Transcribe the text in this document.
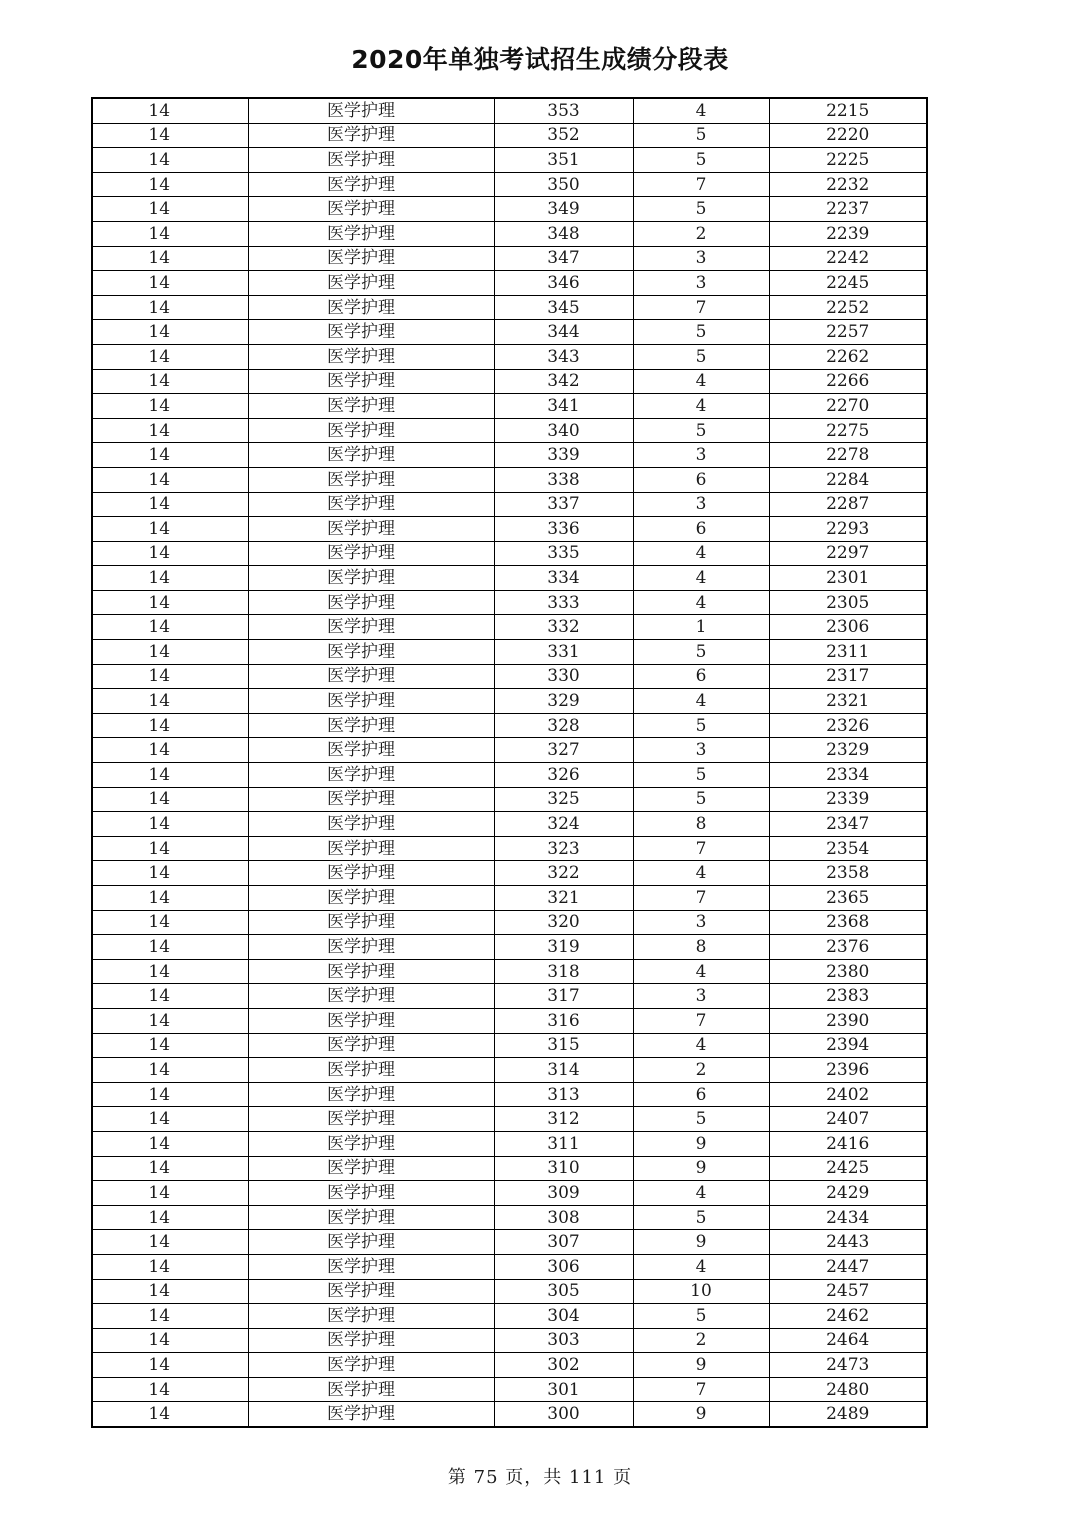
2020年单独考试招生成绩分段表
14	医学护理	353	4	2215
14	医学护理	352	5	2220
14	医学护理	351	5	2225
14	医学护理	350	7	2232
14	医学护理	349	5	2237
14	医学护理	348	2	2239
14	医学护理	347	3	2242
14	医学护理	346	3	2245
14	医学护理	345	7	2252
14	医学护理	344	5	2257
14	医学护理	343	5	2262
14	医学护理	342	4	2266
14	医学护理	341	4	2270
14	医学护理	340	5	2275
14	医学护理	339	3	2278
14	医学护理	338	6	2284
14	医学护理	337	3	2287
14	医学护理	336	6	2293
14	医学护理	335	4	2297
14	医学护理	334	4	2301
14	医学护理	333	4	2305
14	医学护理	332	1	2306
14	医学护理	331	5	2311
14	医学护理	330	6	2317
14	医学护理	329	4	2321
14	医学护理	328	5	2326
14	医学护理	327	3	2329
14	医学护理	326	5	2334
14	医学护理	325	5	2339
14	医学护理	324	8	2347
14	医学护理	323	7	2354
14	医学护理	322	4	2358
14	医学护理	321	7	2365
14	医学护理	320	3	2368
14	医学护理	319	8	2376
14	医学护理	318	4	2380
14	医学护理	317	3	2383
14	医学护理	316	7	2390
14	医学护理	315	4	2394
14	医学护理	314	2	2396
14	医学护理	313	6	2402
14	医学护理	312	5	2407
14	医学护理	311	9	2416
14	医学护理	310	9	2425
14	医学护理	309	4	2429
14	医学护理	308	5	2434
14	医学护理	307	9	2443
14	医学护理	306	4	2447
14	医学护理	305	10	2457
14	医学护理	304	5	2462
14	医学护理	303	2	2464
14	医学护理	302	9	2473
14	医学护理	301	7	2480
14	医学护理	300	9	2489
第 75 页，共 111 页
